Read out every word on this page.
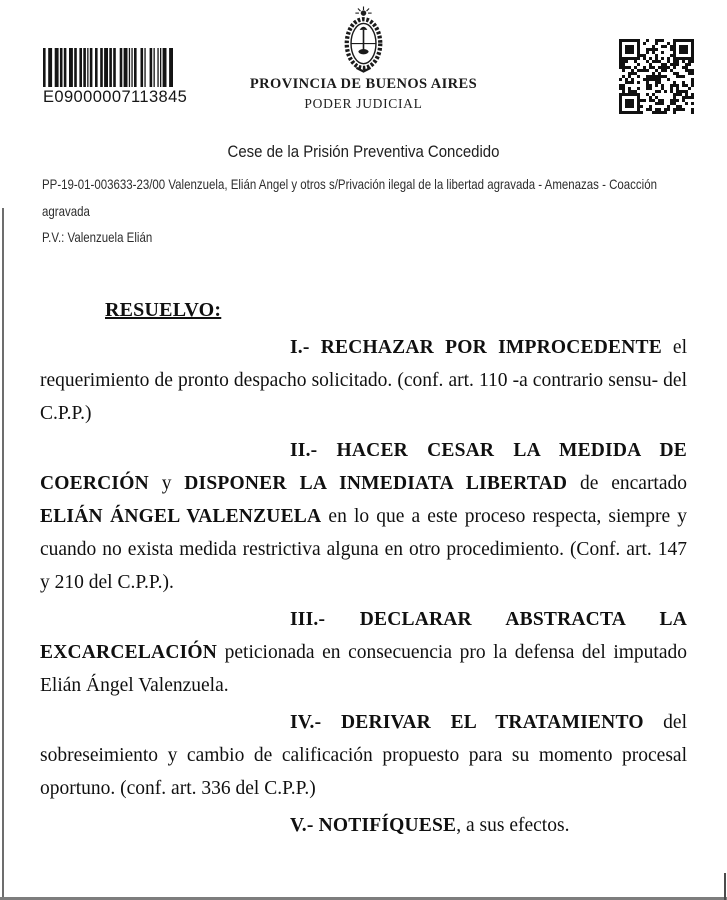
E09000007113845
PROVINCIA DE BUENOS AIRES
PODER JUDICIAL
Cese de la Prisión Preventiva Concedido

PP-19-01-003633-23/00 Valenzuela, Elián Angel y otros s/Privación ilegal de la libertad agravada - Amenazas - Coacción agravada

P.V.: Valenzuela Elián

RESUELVO:

I.- RECHAZAR POR IMPROCEDENTE el requerimiento de pronto despacho solicitado. (conf. art. 110 -a contrario sensu- del C.P.P.)

II.- HACER CESAR LA MEDIDA DE COERCIÓN y DISPONER LA INMEDIATA LIBERTAD de encartado ELIÁN ÁNGEL VALENZUELA en lo que a este proceso respecta, siempre y cuando no exista medida restrictiva alguna en otro procedimiento. (Conf. art. 147 y 210 del C.P.P.).

III.- DECLARAR ABSTRACTA LA EXCARCELACIÓN peticionada en consecuencia pro la defensa del imputado Elián Ángel Valenzuela.

IV.- DERIVAR EL TRATAMIENTO del sobreseimiento y cambio de calificación propuesto para su momento procesal oportuno. (conf. art. 336 del C.P.P.)

V.- NOTIFÍQUESE, a sus efectos.
